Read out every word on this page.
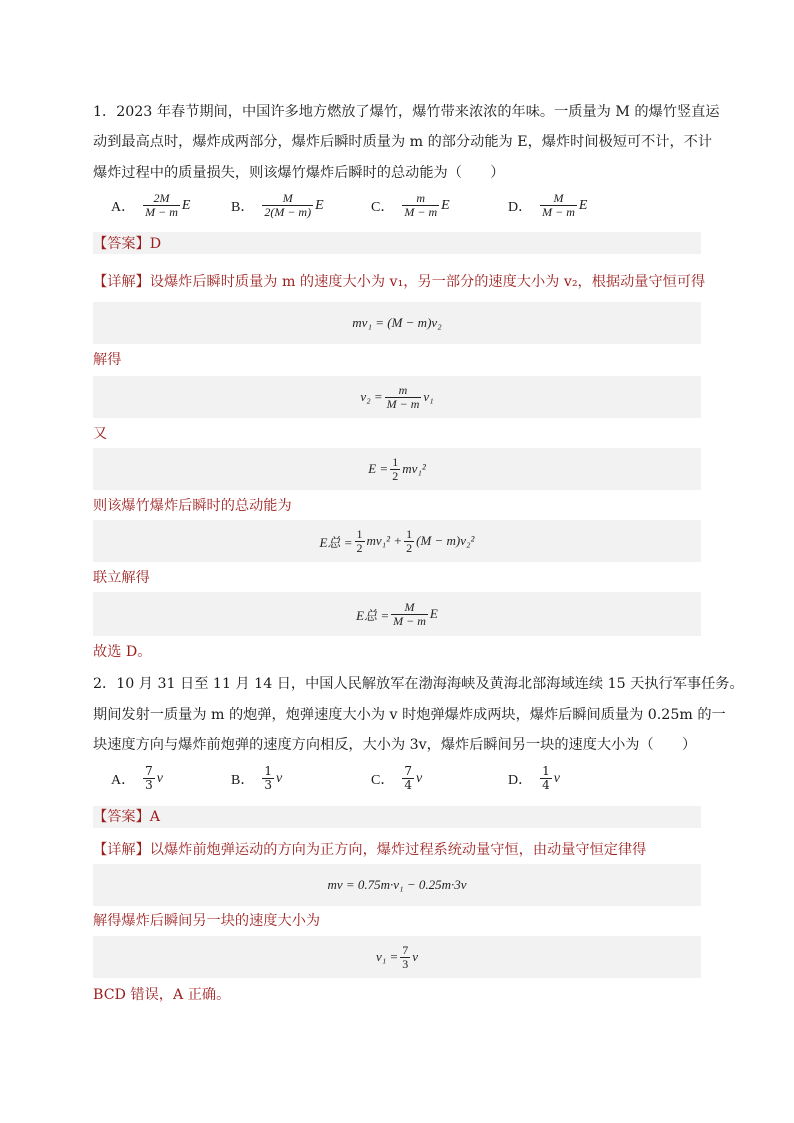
1．2023 年春节期间，中国许多地方燃放了爆竹，爆竹带来浓浓的年味。一质量为 M 的爆竹竖直运
动到最高点时，爆炸成两部分，爆炸后瞬时质量为 m 的部分动能为 E，爆炸时间极短可不计，不计
爆炸过程中的质量损失，则该爆竹爆炸后瞬时的总动能为（　　）
A． $\frac{2M}{M - m}$ E	B． $\frac{M}{2(M - m)}$ E	C． $\frac{m}{M - m}$ E	D． $\frac{M}{M - m}$ E
【答案】D
【详解】设爆炸后瞬时质量为 m 的速度大小为 v₁，另一部分的速度大小为 v₂，根据动量守恒可得
mv₁ = (M − m)v₂
解得
$v_2 = \frac{m}{M - m} v_1$
又
$E = \frac{1}{2} mv_1^2$
则该爆竹爆炸后瞬时的总动能为
E总 = $\frac{1}{2} mv_1^2 + \frac{1}{2} (M - m)v_2^2$
联立解得
E总 = $\frac{M}{M - m}$ E
故选 D。
2．10 月 31 日至 11 月 14 日，中国人民解放军在渤海海峡及黄海北部海域连续 15 天执行军事任务。
期间发射一质量为 m 的炮弹，炮弹速度大小为 v 时炮弹爆炸成两块，爆炸后瞬间质量为 0.25m 的一
块速度方向与爆炸前炮弹的速度方向相反，大小为 3v，爆炸后瞬间另一块的速度大小为（　　）
A． $\frac{7}{3}$ v	B． $\frac{1}{3}$ v	C． $\frac{7}{4}$ v	D． $\frac{1}{4}$ v
【答案】A
【详解】以爆炸前炮弹运动的方向为正方向，爆炸过程系统动量守恒，由动量守恒定律得
mv = 0.75m·v₁ − 0.25m·3v
解得爆炸后瞬间另一块的速度大小为
$v_1 = \frac{7}{3}$ v
BCD 错误，A 正确。
